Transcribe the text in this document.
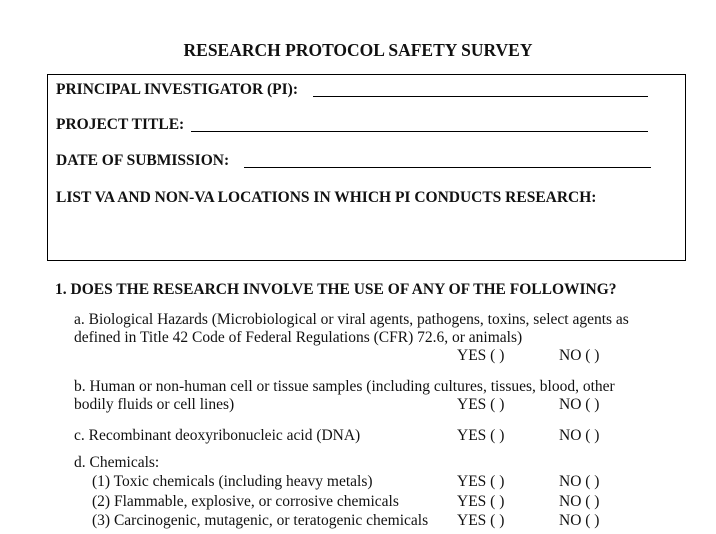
RESEARCH PROTOCOL SAFETY SURVEY
PRINCIPAL INVESTIGATOR (PI):
PROJECT TITLE:
DATE OF SUBMISSION:
LIST VA AND NON-VA LOCATIONS IN WHICH PI CONDUCTS RESEARCH:
1. DOES THE RESEARCH INVOLVE THE USE OF ANY OF THE FOLLOWING?
a. Biological Hazards (Microbiological or viral agents, pathogens, toxins, select agents as
defined in Title 42 Code of Federal Regulations (CFR) 72.6, or animals)
YES ( )	NO ( )
b. Human or non-human cell or tissue samples (including cultures, tissues, blood, other
bodily fluids or cell lines)	YES ( )	NO ( )
c. Recombinant deoxyribonucleic acid (DNA)	YES ( )	NO ( )
d. Chemicals:
(1) Toxic chemicals (including heavy metals)	YES ( )	NO ( )
(2) Flammable, explosive, or corrosive chemicals	YES ( )	NO ( )
(3) Carcinogenic, mutagenic, or teratogenic chemicals YES ( )	NO ( )
